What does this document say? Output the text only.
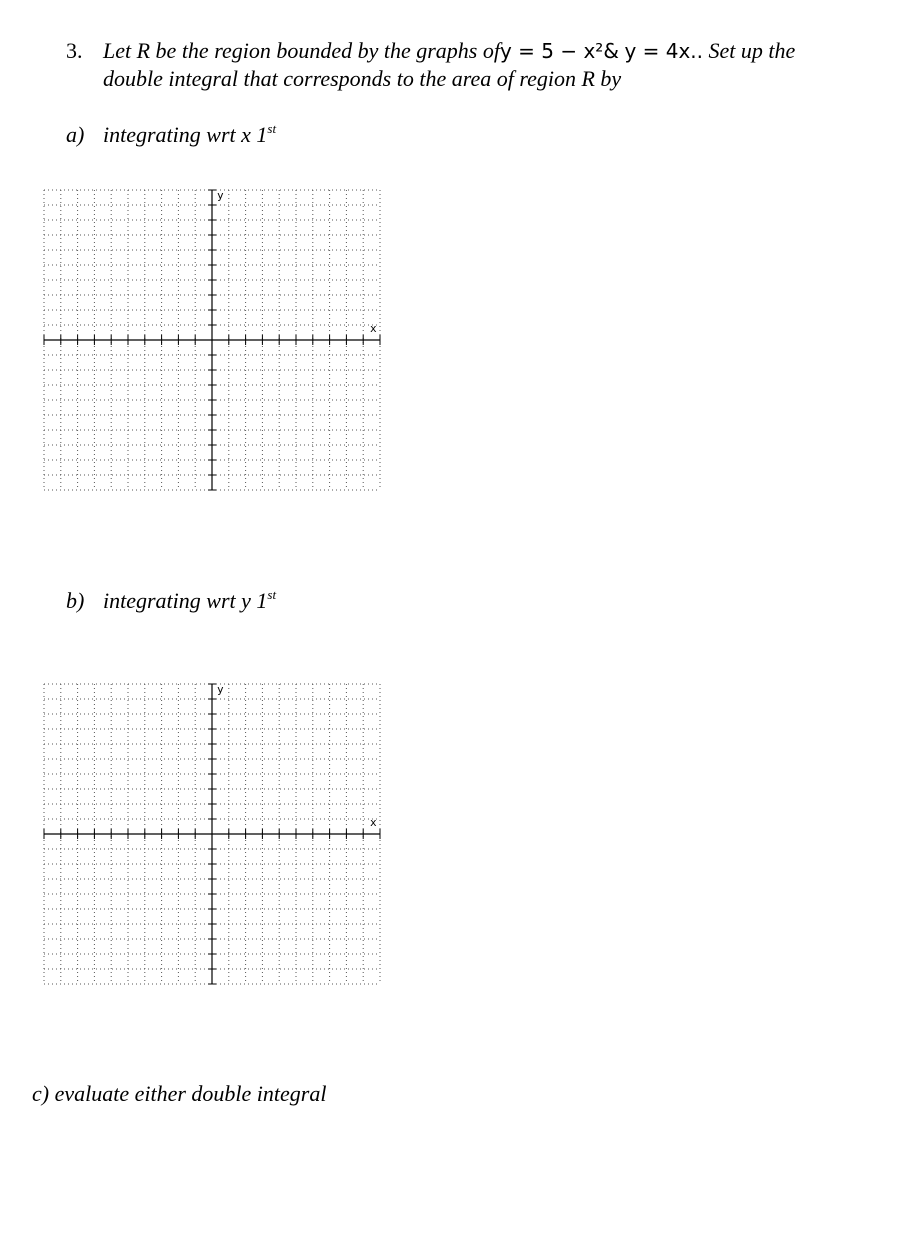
3. Let R be the region bounded by the graphs ofy = 5 − x²& y = 4x.. Set up the
double integral that corresponds to the area of region R by
a) integrating wrt x 1st
x
y
b) integrating wrt y 1st
x
y
c) evaluate either double integral
